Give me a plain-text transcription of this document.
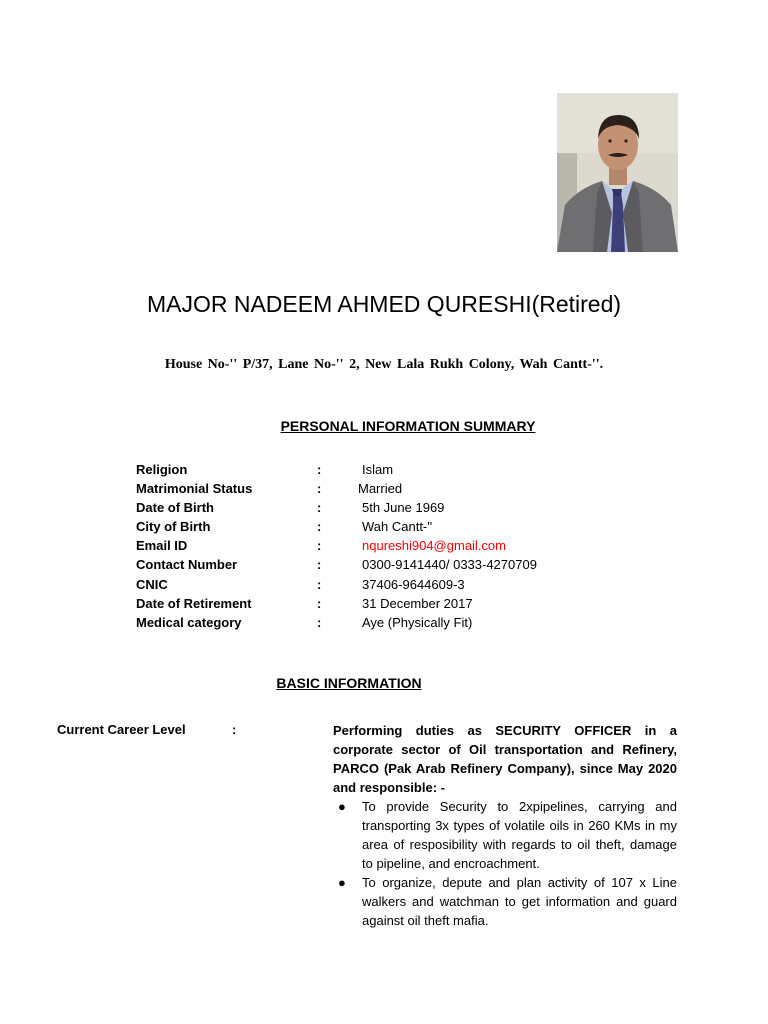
MAJOR NADEEM AHMED QURESHI(Retired)
House No-'' P/37, Lane No-'' 2, New Lala Rukh Colony, Wah Cantt-''.
PERSONAL INFORMATION SUMMARY
Religion	:	Islam
Matrimonial Status	:	Married
Date of Birth	:	5th June 1969
City of Birth	:	Wah Cantt-''
Email ID	:	nqureshi904@gmail.com
Contact Number	:	0300-9141440/ 0333-4270709
CNIC	:	37406-9644609-3
Date of Retirement	:	31 December 2017
Medical category	:	Aye (Physically Fit)
BASIC INFORMATION
Current Career Level	:	Performing duties as SECURITY OFFICER in a corporate sector of Oil transportation and Refinery, PARCO (Pak Arab Refinery Company), since May 2020 and responsible: -
● To provide Security to 2xpipelines, carrying and transporting 3x types of volatile oils in 260 KMs in my area of resposibility with regards to oil theft, damage to pipeline, and encroachment.
● To organize, depute and plan activity of 107 x Line walkers and watchman to get information and guard against oil theft mafia.
